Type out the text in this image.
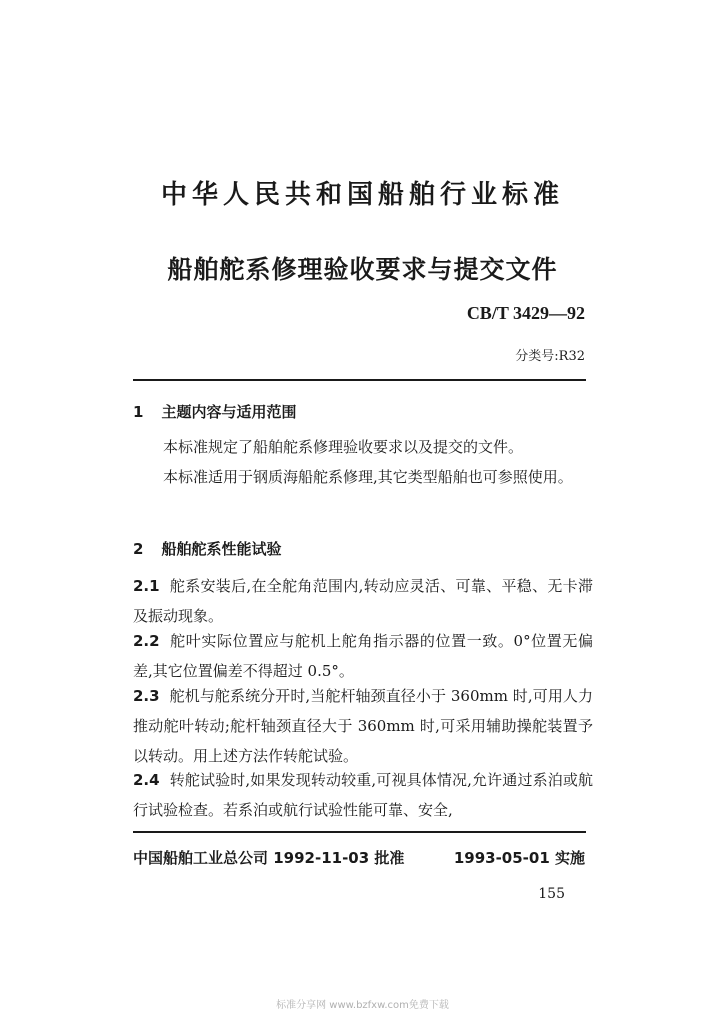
中华人民共和国船舶行业标准
船舶舵系修理验收要求与提交文件
CB/T 3429—92
分类号:R32
1 主题内容与适用范围
本标准规定了船舶舵系修理验收要求以及提交的文件。
本标准适用于钢质海船舵系修理,其它类型船舶也可参照使用。
2 船舶舵系性能试验
2.1 舵系安装后,在全舵角范围内,转动应灵活、可靠、平稳、无卡滞及振动现象。
2.2 舵叶实际位置应与舵机上舵角指示器的位置一致。0°位置无偏差,其它位置偏差不得超过 0.5°。
2.3 舵机与舵系统分开时,当舵杆轴颈直径小于 360mm 时,可用人力推动舵叶转动;舵杆轴颈直径大于 360mm 时,可采用辅助操舵装置予以转动。用上述方法作转舵试验。
2.4 转舵试验时,如果发现转动较重,可视具体情况,允许通过系泊或航行试验检查。若系泊或航行试验性能可靠、安全,
中国船舶工业总公司 1992-11-03 批准	1993-05-01 实施
155
标准分享网 www.bzfxw.com免费下载
